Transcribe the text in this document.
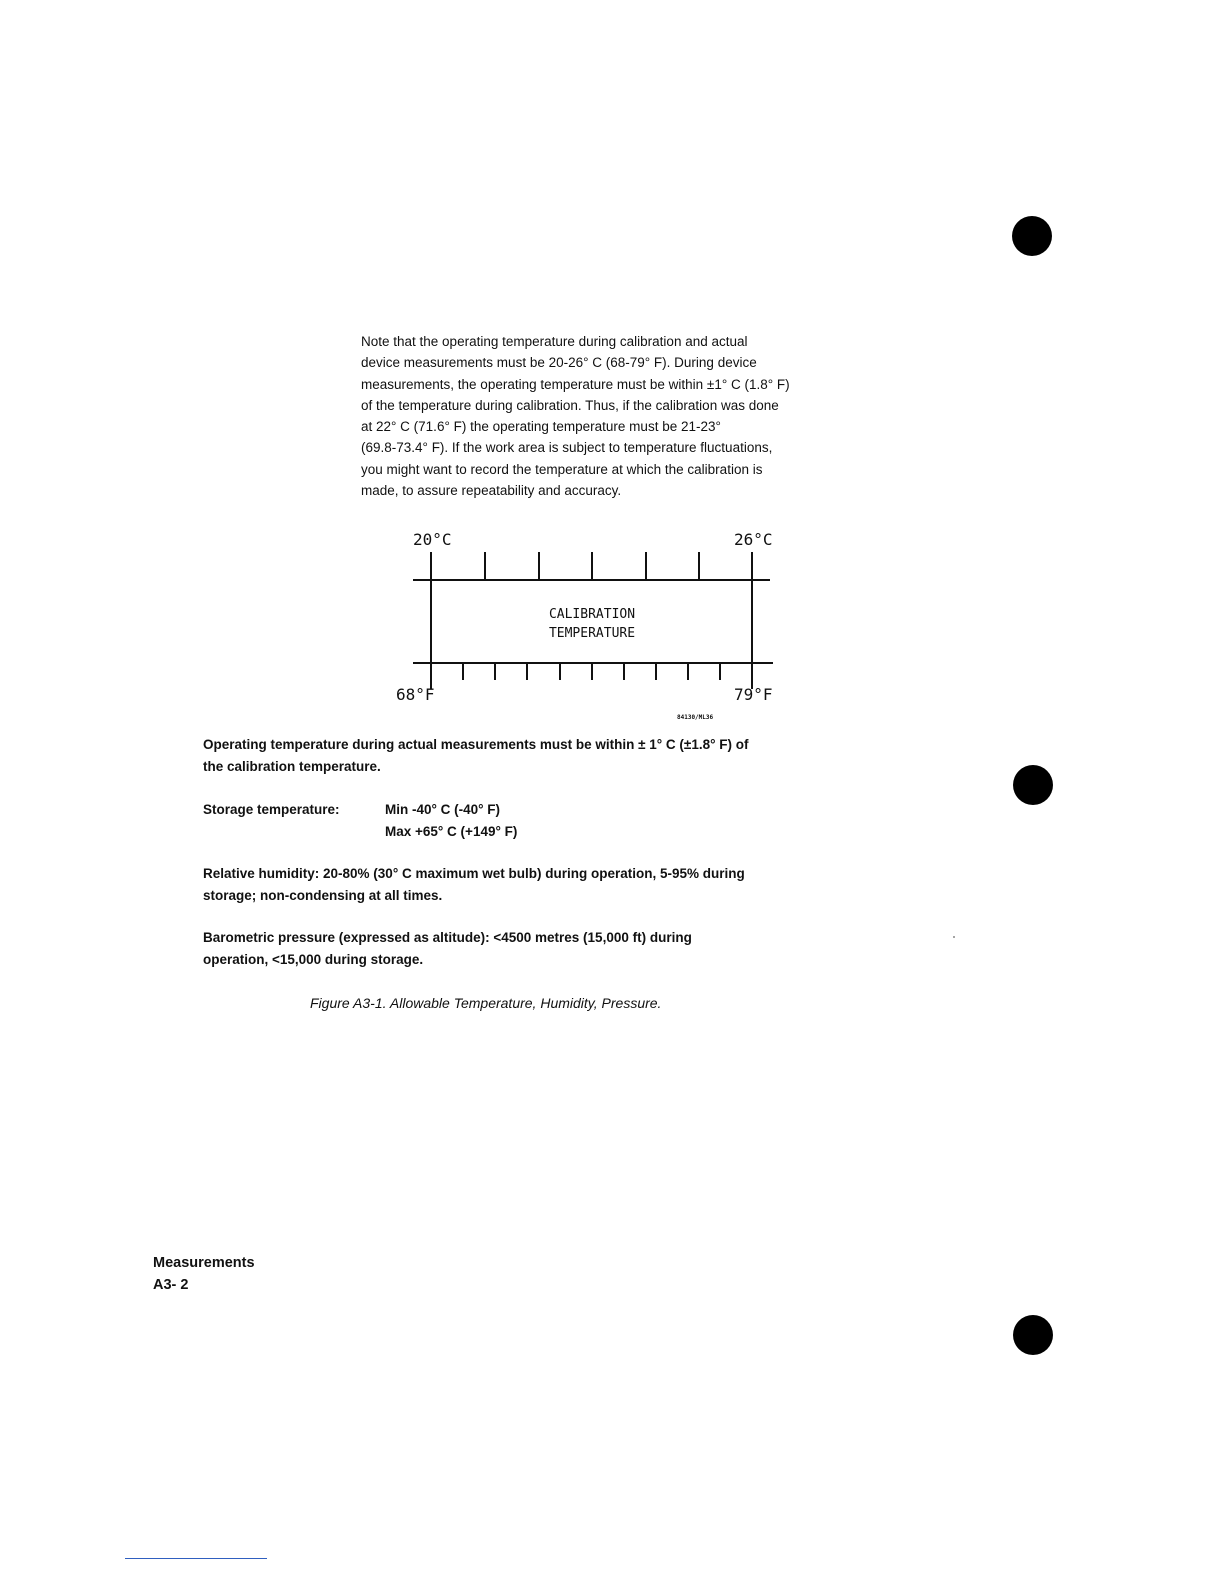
Note that the operating temperature during calibration and actual
device measurements must be 20-26° C (68-79° F). During device
measurements, the operating temperature must be within ±1° C (1.8° F)
of the temperature during calibration. Thus, if the calibration was done
at 22° C (71.6° F) the operating temperature must be 21-23°
(69.8-73.4° F). If the work area is subject to temperature fluctuations,
you might want to record the temperature at which the calibration is
made, to assure repeatability and accuracy.

20°C	26°C
CALIBRATION
TEMPERATURE
68°F	79°F
84130/ML36

Operating temperature during actual measurements must be within ± 1° C (±1.8° F) of

the calibration temperature.

Storage temperature:	Min -40° C (-40° F)

Max +65° C (+149° F)

Relative humidity: 20-80% (30° C maximum wet bulb) during operation, 5-95% during

storage; non-condensing at all times.

Barometric pressure (expressed as altitude): <4500 metres (15,000 ft) during

operation, <15,000 during storage.

Figure A3-1. Allowable Temperature, Humidity, Pressure.

Measurements

A3- 2
